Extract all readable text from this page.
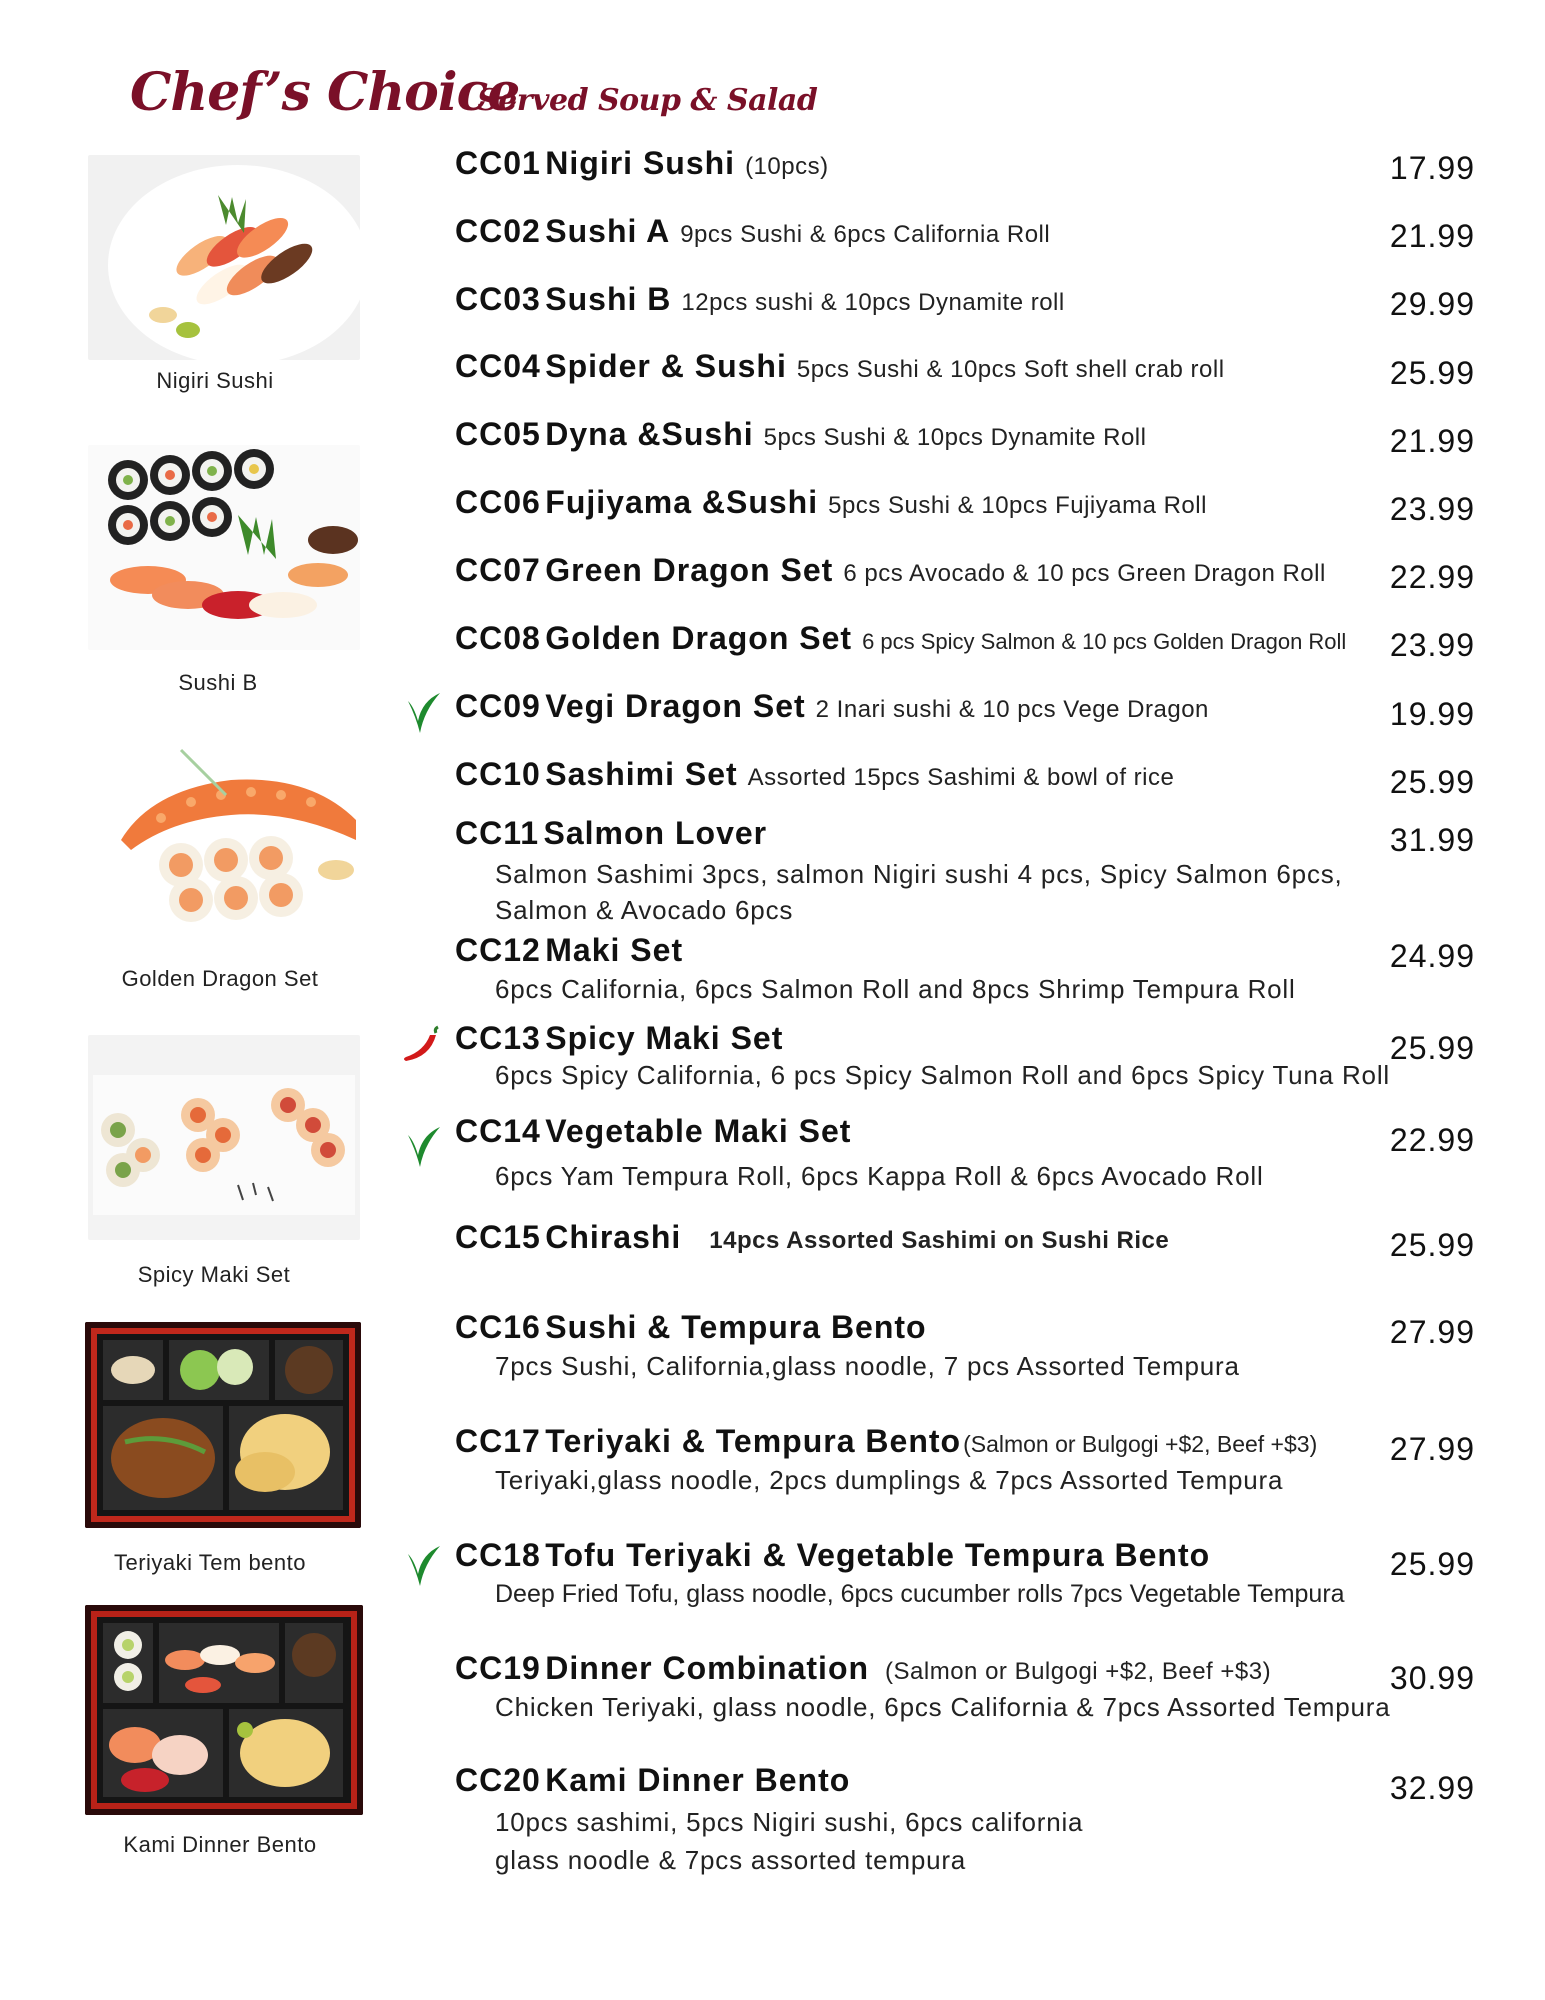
Chef’s Choice
Served Soup & Salad
Nigiri Sushi
Sushi B
Golden Dragon Set
Spicy Maki Set
Teriyaki Tem bento
Kami Dinner Bento
CC01 Nigiri Sushi (10pcs)	17.99
CC02 Sushi A 9pcs Sushi & 6pcs California Roll	21.99
CC03 Sushi B 12pcs sushi & 10pcs Dynamite roll	29.99
CC04 Spider & Sushi 5pcs Sushi & 10pcs Soft shell crab roll	25.99
CC05 Dyna &Sushi 5pcs Sushi & 10pcs Dynamite Roll	21.99
CC06 Fujiyama &Sushi 5pcs Sushi & 10pcs Fujiyama Roll	23.99
CC07 Green Dragon Set 6 pcs Avocado & 10 pcs Green Dragon Roll	22.99
CC08 Golden Dragon Set 6 pcs Spicy Salmon & 10 pcs Golden Dragon Roll	23.99
CC09 Vegi Dragon Set 2 Inari sushi & 10 pcs Vege Dragon	19.99
CC10 Sashimi Set Assorted 15pcs Sashimi & bowl of rice	25.99
CC11 Salmon Lover
Salmon Sashimi 3pcs, salmon Nigiri sushi 4 pcs, Spicy Salmon 6pcs,
Salmon & Avocado 6pcs
31.99
CC12 Maki Set
6pcs California, 6pcs Salmon Roll and 8pcs Shrimp Tempura Roll
24.99
CC13 Spicy Maki Set
6pcs Spicy California, 6 pcs Spicy Salmon Roll and 6pcs Spicy Tuna Roll
25.99
CC14 Vegetable Maki Set
6pcs Yam Tempura Roll, 6pcs Kappa Roll & 6pcs Avocado Roll
22.99
CC15 Chirashi 14pcs Assorted Sashimi on Sushi Rice	25.99
CC16 Sushi & Tempura Bento
7pcs Sushi, California,glass noodle, 7 pcs Assorted Tempura
27.99
CC17 Teriyaki & Tempura Bento(Salmon or Bulgogi +$2, Beef +$3)
Teriyaki,glass noodle, 2pcs dumplings & 7pcs Assorted Tempura
27.99
CC18 Tofu Teriyaki & Vegetable Tempura Bento
Deep Fried Tofu, glass noodle, 6pcs cucumber rolls 7pcs Vegetable Tempura
25.99
CC19 Dinner Combination (Salmon or Bulgogi +$2, Beef +$3)
Chicken Teriyaki, glass noodle, 6pcs California & 7pcs Assorted Tempura
30.99
CC20 Kami Dinner Bento
10pcs sashimi, 5pcs Nigiri sushi, 6pcs california
glass noodle & 7pcs assorted tempura
32.99
